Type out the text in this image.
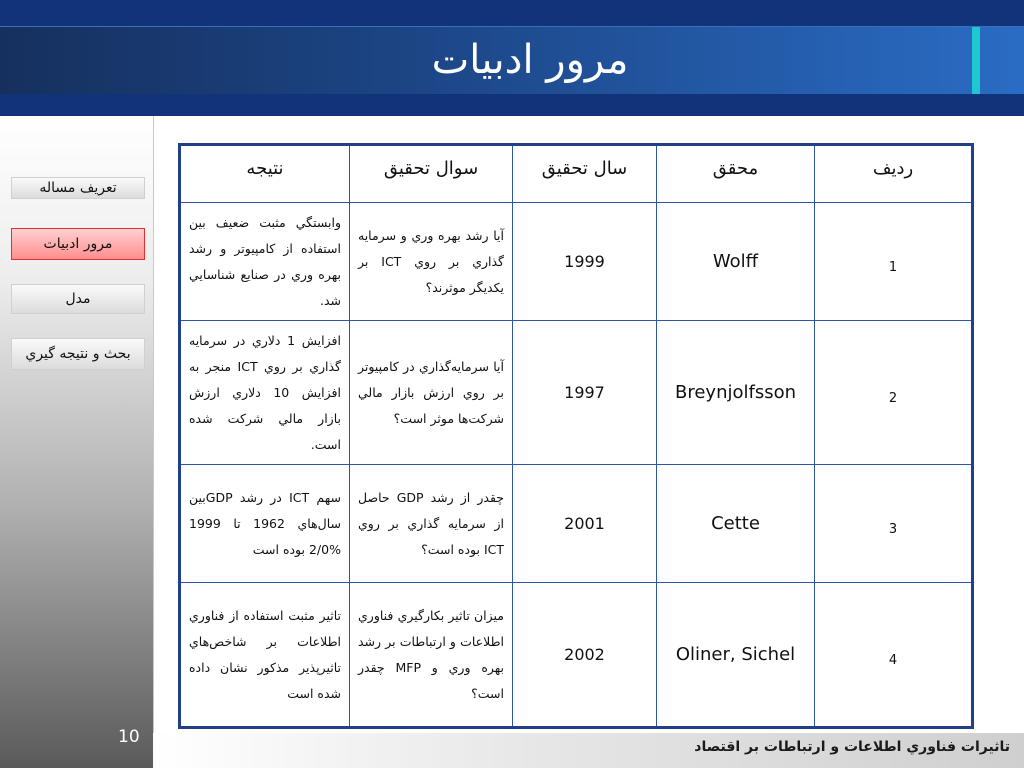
مرور ادبيات
تعريف مساله
مرور ادبيات
مدل
بحث و نتيجه گيري
10	تاثيرات فناوري اطلاعات و ارتباطات بر اقتصاد
رديف	محقق	سال تحقيق	سوال تحقيق	نتيجه
1	Wolff	1999	آيا رشد بهره وري و سرمايه گذاري بر روي ICT بر يكديگر موثرند؟	وابستگي مثبت ضعيف بين استفاده از كامپيوتر و رشد بهره وري در صنايع شناسايي شد.
2	Breynjolfsson	1997	آيا سرمايه‌گذاري در كامپيوتر بر روي ارزش بازار مالي شركت‌ها موثر است؟	افزايش 1 دلاري در سرمايه گذاري بر روي ICT منجر به افزايش 10 دلاري ارزش بازار مالي شركت شده است.
3	Cette	2001	چقدر از رشد GDP حاصل از سرمايه گذاري بر روي ICT بوده است؟	سهم ICT در رشد GDPبين سال‌هاي 1962 تا 1999 %2/0 بوده است
4	Oliner, Sichel	2002	ميزان تاثير بكارگيري فناوري اطلاعات و ارتباطات بر رشد بهره وري و MFP چقدر است؟	تاثير مثبت استفاده از فناوري اطلاعات بر شاخص‌هاي تاثيرپذير مذكور نشان داده شده است
